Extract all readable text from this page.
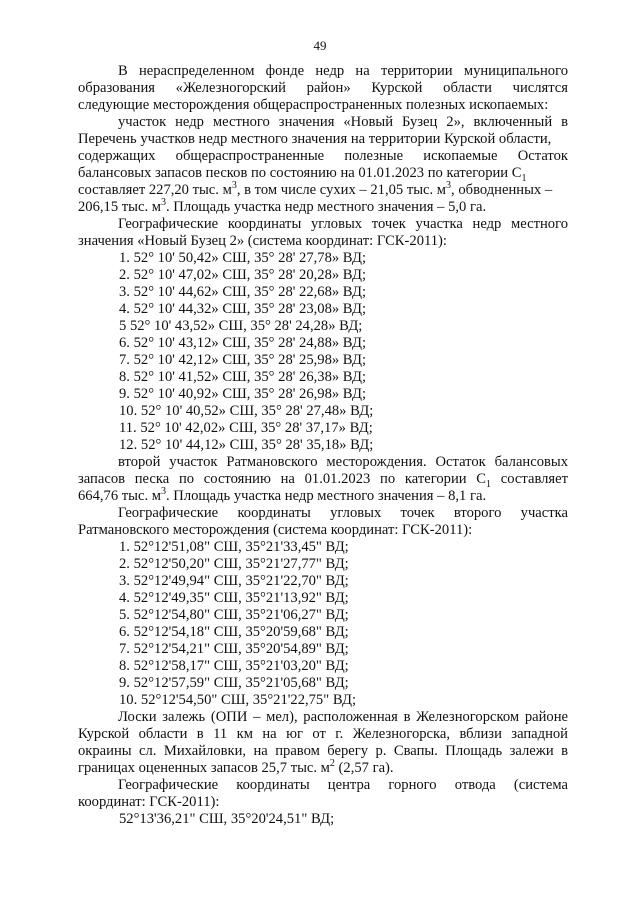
49
В нераспределенном фонде недр на территории муниципального
образования «Железногорский район» Курской области числятся
следующие месторождения общераспространенных полезных ископаемых:
участок недр местного значения «Новый Бузец 2», включенный в
Перечень участков недр местного значения на территории Курской области,
содержащих общераспространенные полезные ископаемые Остаток
балансовых запасов песков по состоянию на 01.01.2023 по категории $C_1$
составляет 227,20 тыс. $м^3$, в том числе сухих – 21,05 тыс. $м^3$, обводненных –
206,15 тыс. $м^3$. Площадь участка недр местного значения – 5,0 га.
Географические координаты угловых точек участка недр местного
значения «Новый Бузец 2» (система координат: ГСК-2011):
1. 52° 10' 50,42» СШ, 35° 28' 27,78» ВД;
2. 52° 10' 47,02» СШ, 35° 28' 20,28» ВД;
3. 52° 10' 44,62» СШ, 35° 28' 22,68» ВД;
4. 52° 10' 44,32» СШ, 35° 28' 23,08» ВД;
5 52° 10' 43,52» СШ, 35° 28' 24,28» ВД;
6. 52° 10' 43,12» СШ, 35° 28' 24,88» ВД;
7. 52° 10' 42,12» СШ, 35° 28' 25,98» ВД;
8. 52° 10' 41,52» СШ, 35° 28' 26,38» ВД;
9. 52° 10' 40,92» СШ, 35° 28' 26,98» ВД;
10. 52° 10' 40,52» СШ, 35° 28' 27,48» ВД;
11. 52° 10' 42,02» СШ, 35° 28' 37,17» ВД;
12. 52° 10' 44,12» СШ, 35° 28' 35,18» ВД;
второй участок Ратмановского месторождения. Остаток балансовых
запасов песка по состоянию на 01.01.2023 по категории $C_1$ составляет
664,76 тыс. $м^3$. Площадь участка недр местного значения – 8,1 га.
Географические координаты угловых точек второго участка
Ратмановского месторождения (система координат: ГСК-2011):
1. 52°12'51,08" СШ, 35°21'33,45" ВД;
2. 52°12'50,20" СШ, 35°21'27,77" ВД;
3. 52°12'49,94" СШ, 35°21'22,70" ВД;
4. 52°12'49,35" СШ, 35°21'13,92" ВД;
5. 52°12'54,80" СШ, 35°21'06,27" ВД;
6. 52°12'54,18" СШ, 35°20'59,68" ВД;
7. 52°12'54,21" СШ, 35°20'54,89" ВД;
8. 52°12'58,17" СШ, 35°21'03,20" ВД;
9. 52°12'57,59" СШ, 35°21'05,68" ВД;
10. 52°12'54,50" СШ, 35°21'22,75" ВД;
Лоски залежь (ОПИ – мел), расположенная в Железногорском районе
Курской области в 11 км на юг от г. Железногорска, вблизи западной
окраины сл. Михайловки, на правом берегу р. Свапы. Площадь залежи в
границах оцененных запасов 25,7 тыс. $м^2$ (2,57 га).
Географические координаты центра горного отвода (система
координат: ГСК-2011):
52°13'36,21" СШ, 35°20'24,51" ВД;
